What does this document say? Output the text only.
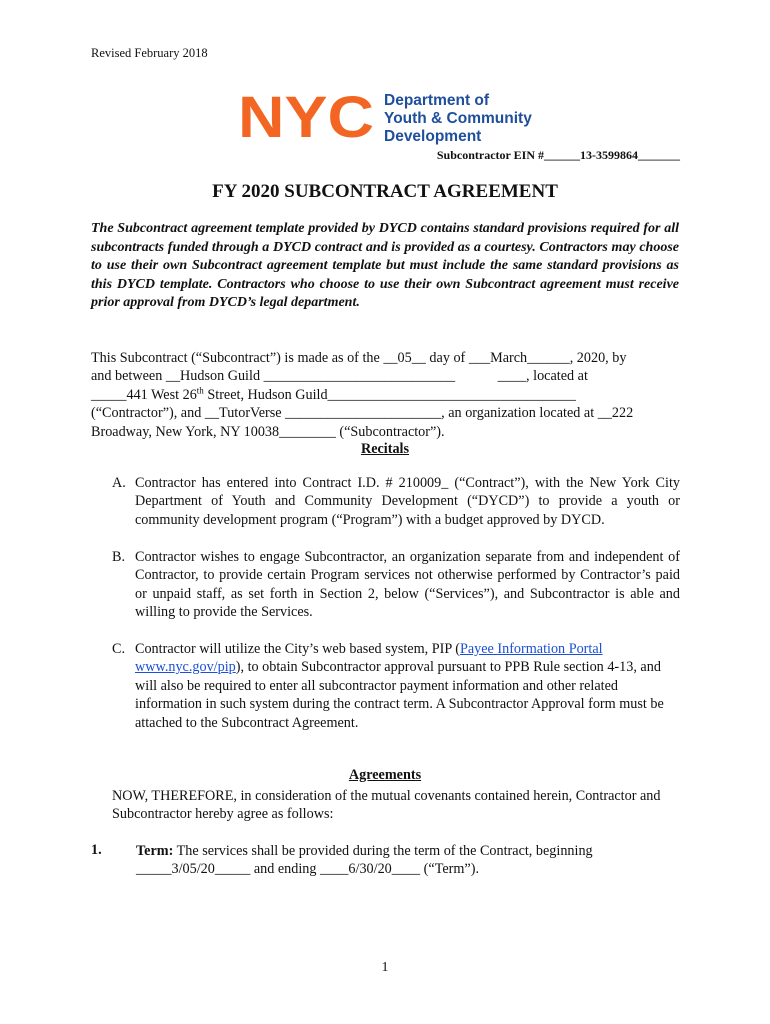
Revised February 2018
NYC Department of
Youth & Community
Development
Subcontractor EIN #______13-3599864_______
FY 2020 SUBCONTRACT AGREEMENT
The Subcontract agreement template provided by DYCD contains standard provisions required for all subcontracts funded through a DYCD contract and is provided as a courtesy. Contractors may choose to use their own Subcontract agreement template but must include the same standard provisions as this DYCD template. Contractors who choose to use their own Subcontract agreement must receive prior approval from DYCD’s legal department.
This Subcontract (“Subcontract”) is made as of the __05__ day of ___March______, 2020, by
and between __Hudson Guild ___________________________            ____, located at
_____441 West 26th Street, Hudson Guild___________________________________
(“Contractor”), and __TutorVerse ______________________, an organization located at __222
Broadway, New York, NY 10038________ (“Subcontractor”).
Recitals
A. Contractor has entered into Contract I.D. # 210009_ (“Contract”), with the New York City Department of Youth and Community Development (“DYCD”) to provide a youth or community development program (“Program”) with a budget approved by DYCD.
B. Contractor wishes to engage Subcontractor, an organization separate from and independent of Contractor, to provide certain Program services not otherwise performed by Contractor’s paid or unpaid staff, as set forth in Section 2, below (“Services”), and Subcontractor is able and willing to provide the Services.
C. Contractor will utilize the City’s web based system, PIP (Payee Information Portal www.nyc.gov/pip), to obtain Subcontractor approval pursuant to PPB Rule section 4-13, and will also be required to enter all subcontractor payment information and other related information in such system during the contract term. A Subcontractor Approval form must be attached to the Subcontract Agreement.
Agreements
NOW, THEREFORE, in consideration of the mutual covenants contained herein, Contractor and Subcontractor hereby agree as follows:
1. Term: The services shall be provided during the term of the Contract, beginning _____3/05/20_____ and ending ____6/30/20____ (“Term”).
1
